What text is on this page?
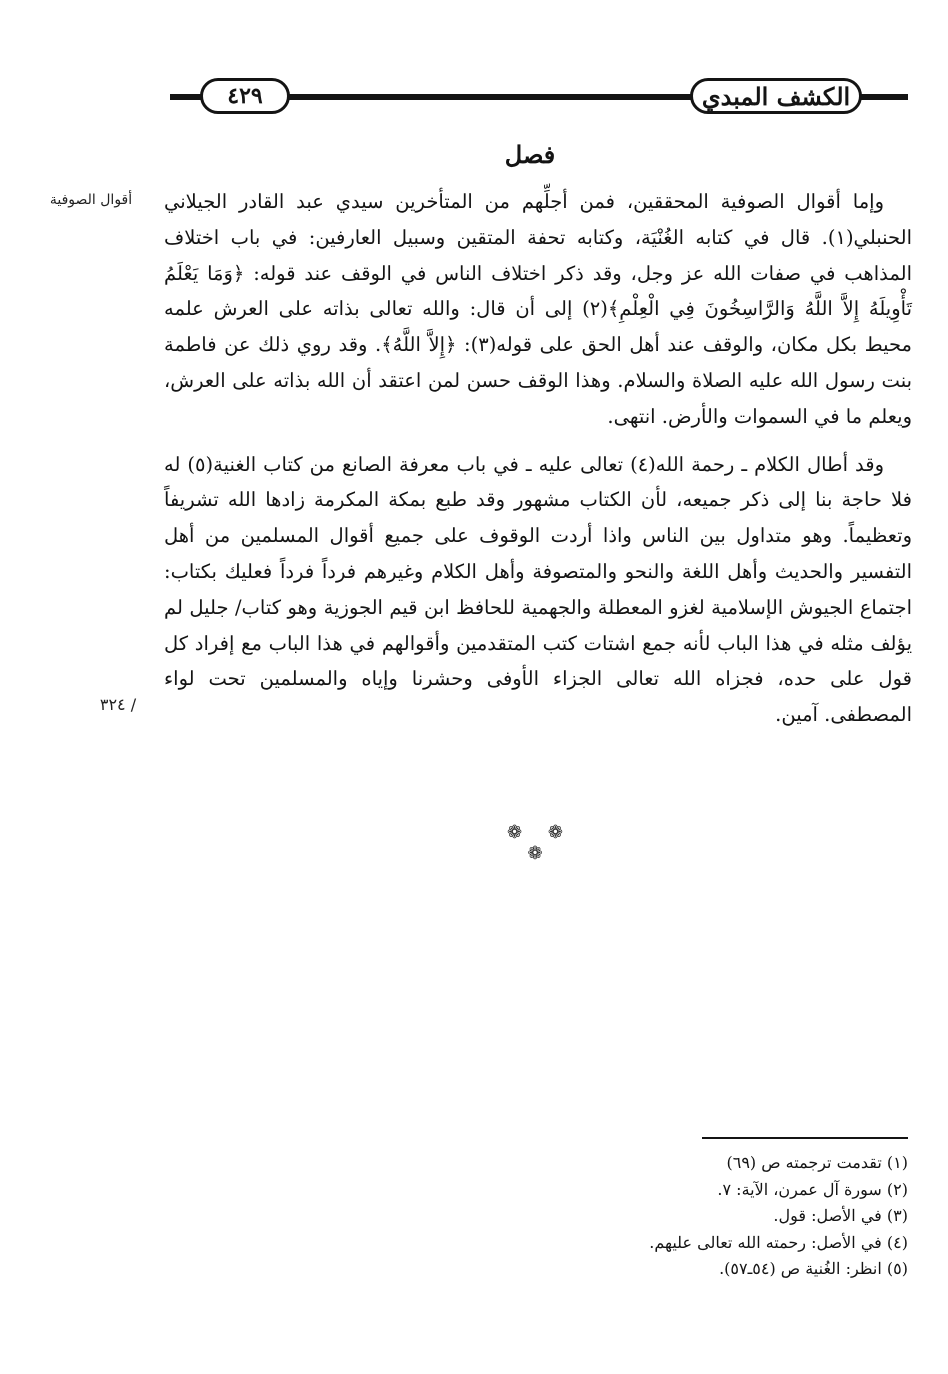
٤٢٩	الكشف المبدي
فصل
أقوال الصوفية
/ ٣٢٤

وإما أقوال الصوفية المحققين، فمن أجلِّهم من المتأخرين سيدي عبد القادر الجيلاني الحنبلي(١). قال في كتابه الغُنْيَة، وكتابه تحفة المتقين وسبيل العارفين: في باب اختلاف المذاهب في صفات الله عز وجل، وقد ذكر اختلاف الناس في الوقف عند قوله: ﴿وَمَا يَعْلَمُ تَأْوِيلَهُ إِلاَّ اللَّهُ وَالرَّاسِخُونَ فِي الْعِلْمِ﴾(٢) إلى أن قال: والله تعالى بذاته على العرش علمه محيط بكل مكان، والوقف عند أهل الحق على قوله(٣): ﴿إِلاَّ اللَّهُ﴾. وقد روي ذلك عن فاطمة بنت رسول الله عليه الصلاة والسلام. وهذا الوقف حسن لمن اعتقد أن الله بذاته على العرش، ويعلم ما في السموات والأرض. انتهى.

وقد أطال الكلام ـ رحمة الله(٤) تعالى عليه ـ في باب معرفة الصانع من كتاب الغنية(٥) له فلا حاجة بنا إلى ذكر جميعه، لأن الكتاب مشهور وقد طبع بمكة المكرمة زادها الله تشريفاً وتعظيماً. وهو متداول بين الناس واذا أردت الوقوف على جميع أقوال المسلمين من أهل التفسير والحديث وأهل اللغة والنحو والمتصوفة وأهل الكلام وغيرهم فرداً فرداً فعليك بكتاب: اجتماع الجيوش الإسلامية لغزو المعطلة والجهمية للحافظ ابن قيم الجوزية وهو كتاب/ جليل لم يؤلف مثله في هذا الباب لأنه جمع اشتات كتب المتقدمين وأقوالهم في هذا الباب مع إفراد كل قول على حده، فجزاه الله تعالى الجزاء الأوفى وحشرنا وإياه والمسلمين تحت لواء المصطفى. آمين.

❁ ❁ ❁
(١) تقدمت ترجمته ص (٦٩)
(٢) سورة آل عمرن، الآية: ٧.
(٣) في الأصل: قول.
(٤) في الأصل: رحمته الله تعالى عليهم.
(٥) انظر: الغُنية ص (٥٤ـ٥٧).
